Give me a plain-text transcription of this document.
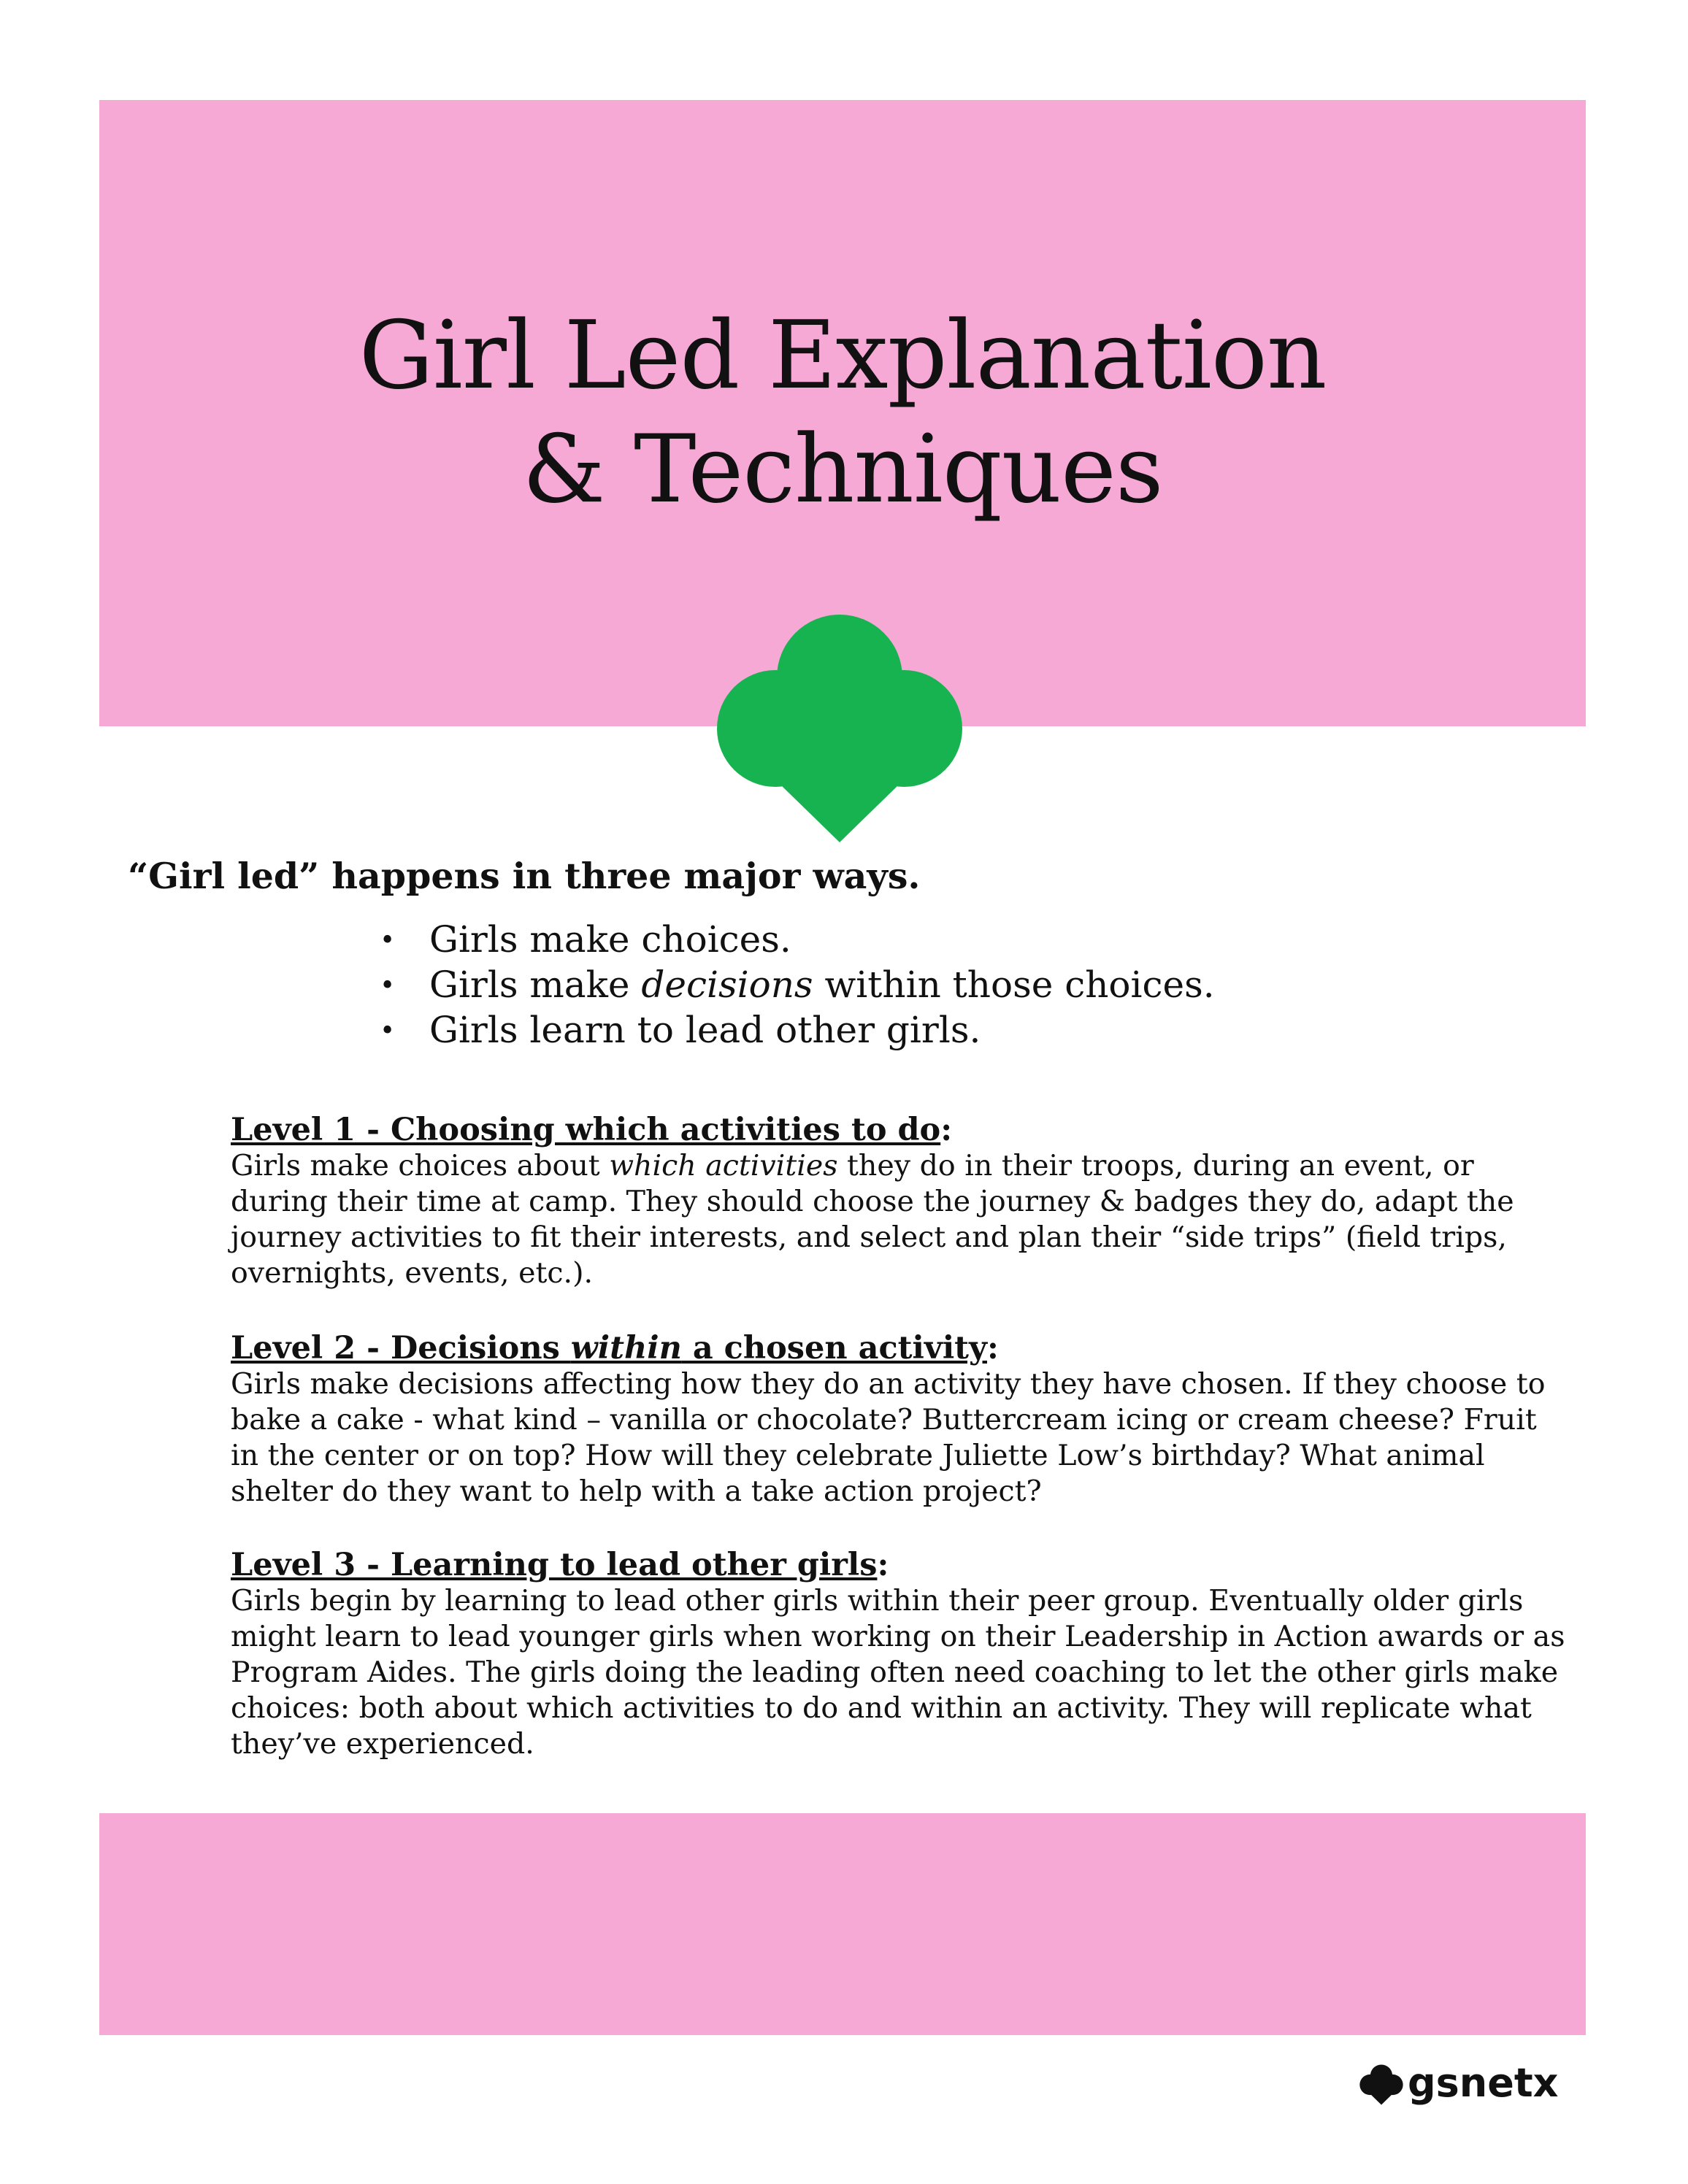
Girl Led Explanation
& Techniques
“Girl led” happens in three major ways.
• Girls make choices.
• Girls make decisions within those choices.
• Girls learn to lead other girls.
Level 1 - Choosing which activities to do:

Girls make choices about which activities they do in their troops, during an event, or during their time at camp. They should choose the journey & badges they do, adapt the journey activities to fit their interests, and select and plan their “side trips” (field trips, overnights, events, etc.).

Level 2 - Decisions within a chosen activity:

Girls make decisions affecting how they do an activity they have chosen. If they choose to bake a cake - what kind – vanilla or chocolate? Buttercream icing or cream cheese? Fruit in the center or on top? How will they celebrate Juliette Low’s birthday? What animal shelter do they want to help with a take action project?

Level 3 - Learning to lead other girls:

Girls begin by learning to lead other girls within their peer group. Eventually older girls might learn to lead younger girls when working on their Leadership in Action awards or as Program Aides. The girls doing the leading often need coaching to let the other girls make choices: both about which activities to do and within an activity. They will replicate what they’ve experienced.

gsnetx
